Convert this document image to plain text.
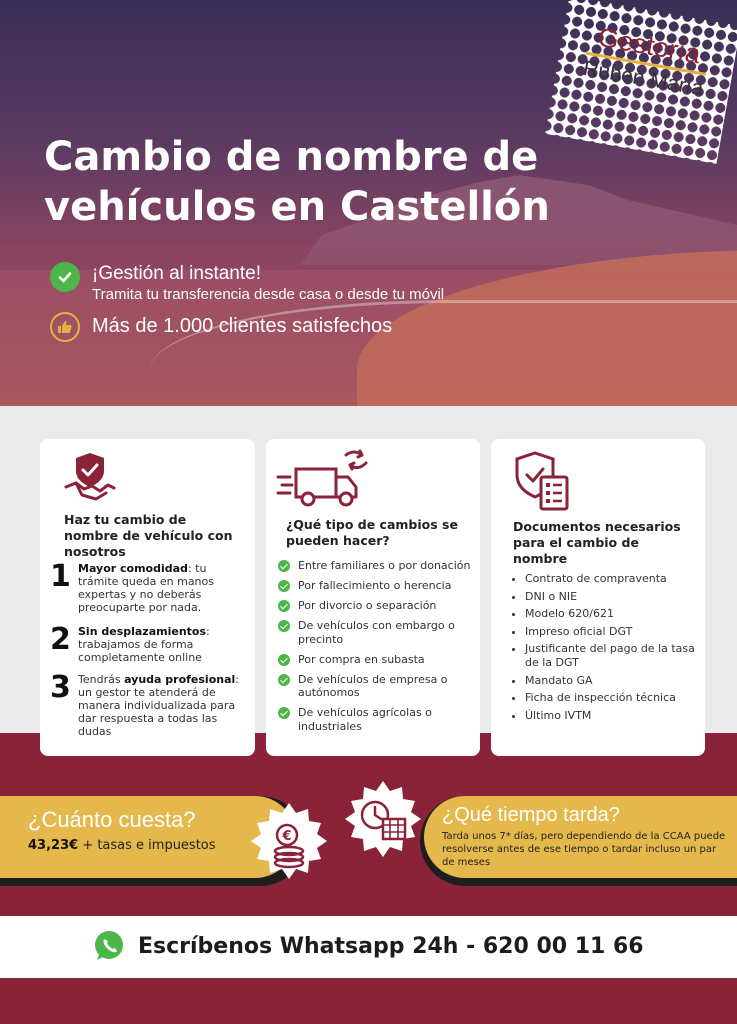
Cambio de nombre de vehículos en Castellón
¡Gestión al instante!
Tramita tu transferencia desde casa o desde tu móvil
Más de 1.000 clientes satisfechos
Gestoría
Rubén María
Haz tu cambio de nombre de vehículo con nosotros
1 Mayor comodidad: tu trámite queda en manos expertas y no deberás preocuparte por nada.
2 Sin desplazamientos: trabajamos de forma completamente online
3 Tendrás ayuda profesional: un gestor te atenderá de manera individualizada para dar respuesta a todas las dudas
¿Qué tipo de cambios se pueden hacer?
Entre familiares o por donación
Por fallecimiento o herencia
Por divorcio o separación
De vehículos con embargo o precinto
Por compra en subasta
De vehículos de empresa o autónomos
De vehículos agrícolas o industriales
Documentos necesarios para el cambio de nombre
• Contrato de compraventa
• DNI o NIE
• Modelo 620/621
• Impreso oficial DGT
• Justificante del pago de la tasa de la DGT
• Mandato GA
• Ficha de inspección técnica
• Último IVTM
¿Cuánto cuesta?
43,23€ + tasas e impuestos
€
¿Qué tiempo tarda?
Tarda unos 7* días, pero dependiendo de la CCAA puede resolverse antes de ese tiempo o tardar incluso un par de meses
Escríbenos Whatsapp 24h - 620 00 11 66
